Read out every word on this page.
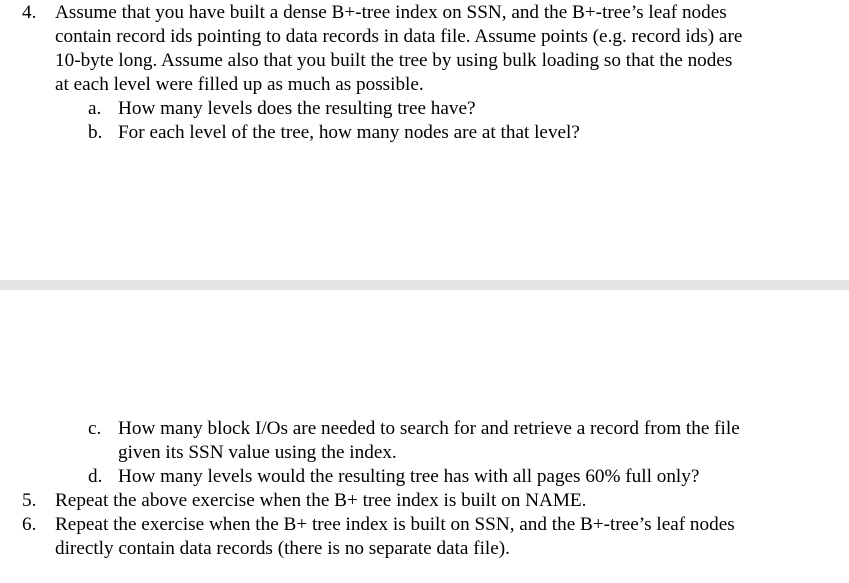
4. Assume that you have built a dense B+-tree index on SSN, and the B+-tree’s leaf nodes
contain record ids pointing to data records in data file. Assume points (e.g. record ids) are
10-byte long. Assume also that you built the tree by using bulk loading so that the nodes
at each level were filled up as much as possible.
a. How many levels does the resulting tree have?
b. For each level of the tree, how many nodes are at that level?
c. How many block I/Os are needed to search for and retrieve a record from the file
given its SSN value using the index.
d. How many levels would the resulting tree has with all pages 60% full only?
5. Repeat the above exercise when the B+ tree index is built on NAME.
6. Repeat the exercise when the B+ tree index is built on SSN, and the B+-tree’s leaf nodes
directly contain data records (there is no separate data file).
